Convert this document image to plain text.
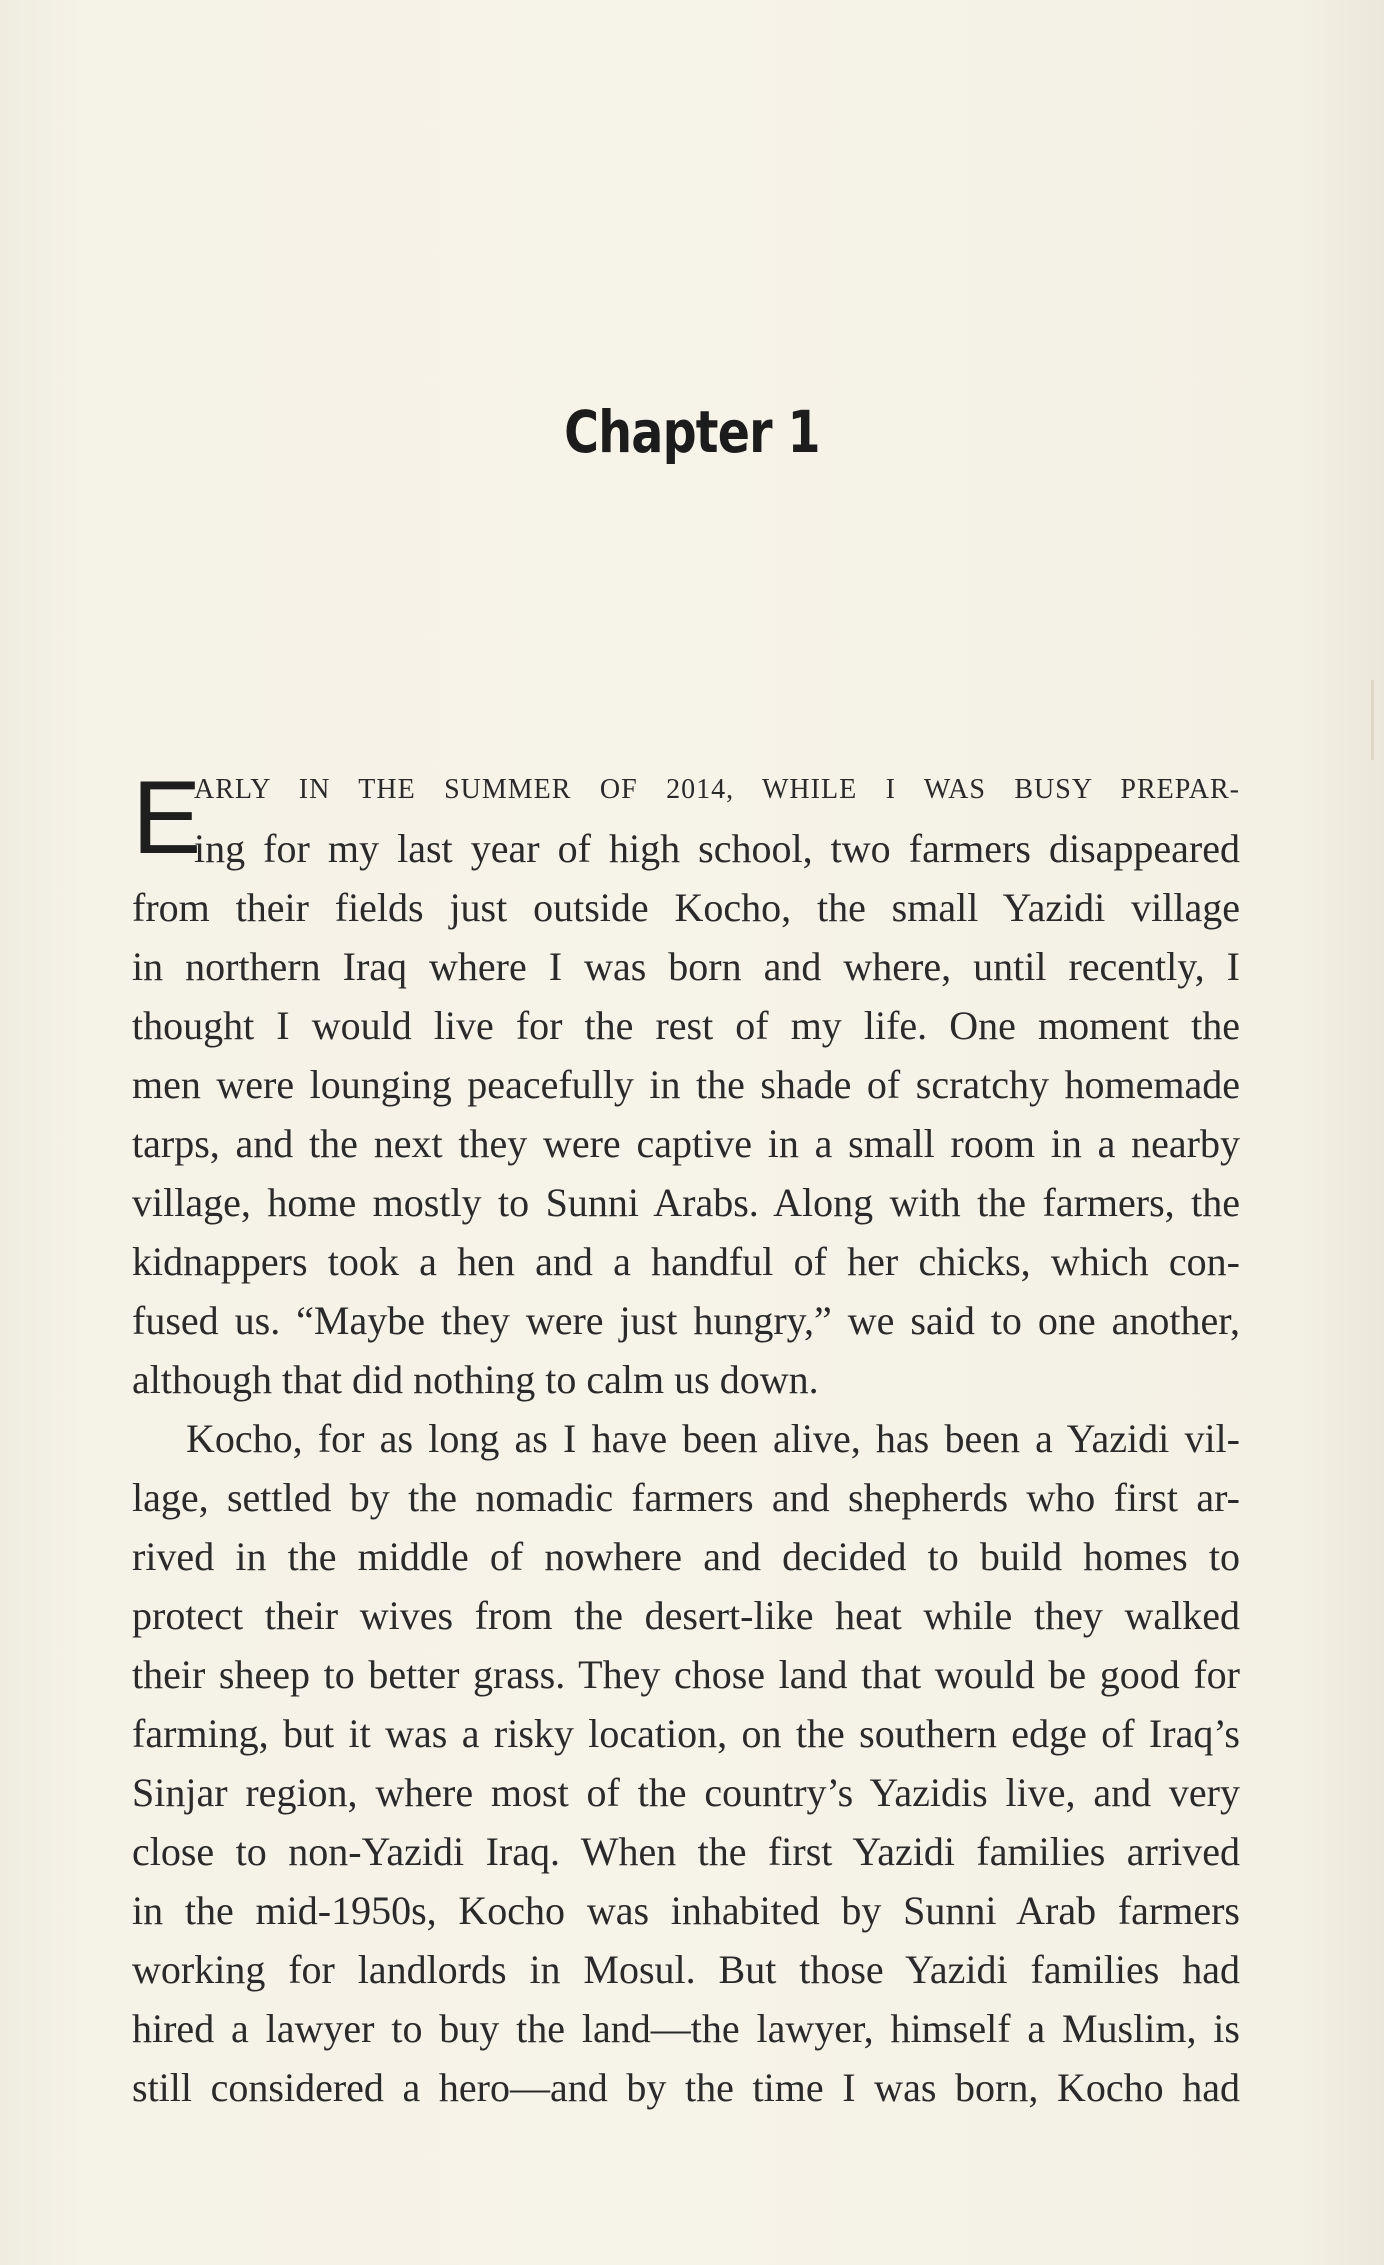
Chapter 1
E
ARLY IN THE SUMMER OF 2014, WHILE I WAS BUSY PREPAR-
ing for my last year of high school, two farmers disappeared
from their fields just outside Kocho, the small Yazidi village
in northern Iraq where I was born and where, until recently, I
thought I would live for the rest of my life. One moment the
men were lounging peacefully in the shade of scratchy homemade
tarps, and the next they were captive in a small room in a nearby
village, home mostly to Sunni Arabs. Along with the farmers, the
kidnappers took a hen and a handful of her chicks, which con-
fused us. “Maybe they were just hungry,” we said to one another,
although that did nothing to calm us down.
Kocho, for as long as I have been alive, has been a Yazidi vil-
lage, settled by the nomadic farmers and shepherds who first ar-
rived in the middle of nowhere and decided to build homes to
protect their wives from the desert-like heat while they walked
their sheep to better grass. They chose land that would be good for
farming, but it was a risky location, on the southern edge of Iraq’s
Sinjar region, where most of the country’s Yazidis live, and very
close to non-Yazidi Iraq. When the first Yazidi families arrived
in the mid-1950s, Kocho was inhabited by Sunni Arab farmers
working for landlords in Mosul. But those Yazidi families had
hired a lawyer to buy the land—the lawyer, himself a Muslim, is
still considered a hero—and by the time I was born, Kocho had
